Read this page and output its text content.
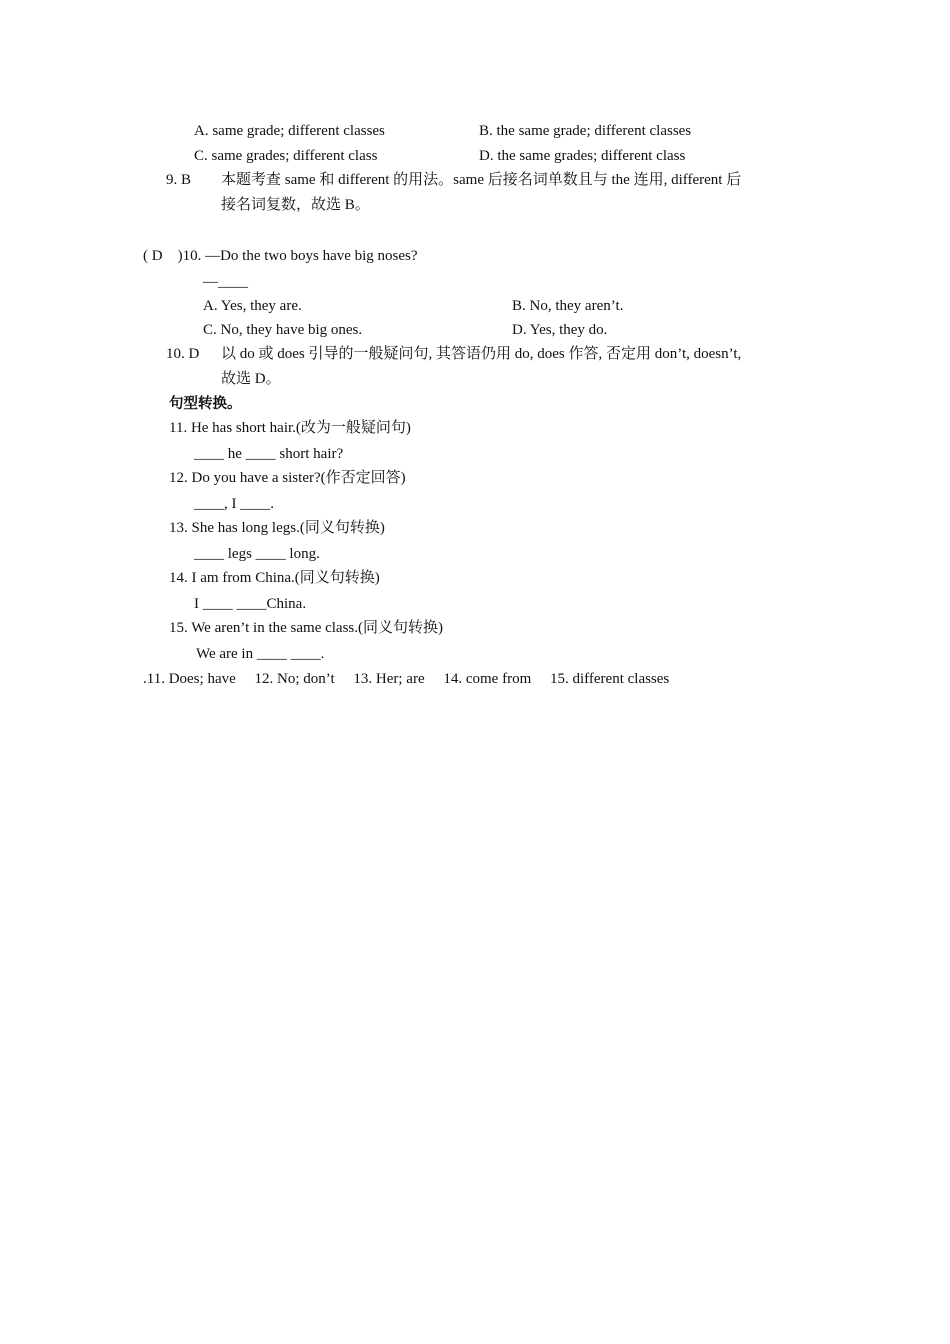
A. same grade; different classes	B. the same grade; different classes
C. same grades; different class	D. the same grades; different class
9. B 本题考查 same 和 different 的用法。same 后接名词单数且与 the 连用, different 后
接名词复数，故选 B。
( D　)10. —Do the two boys have big noses?
—____
A. Yes, they are.	B. No, they aren’t.
C. No, they have big ones.	D. Yes, they do.
10. D 以 do 或 does 引导的一般疑问句, 其答语仍用 do, does 作答, 否定用 don’t, doesn’t,
故选 D。
句型转换。
11. He has short hair.(改为一般疑问句)
____ he ____ short hair?
12. Do you have a sister?(作否定回答)
____, I ____.
13. She has long legs.(同义句转换)
____ legs ____ long.
14. I am from China.(同义句转换)
I ____ ____China.
15. We aren’t in the same class.(同义句转换)
We are in ____ ____.
.11. Does; have　 12. No; don’t　 13. Her; are　 14. come from　 15. different classes
